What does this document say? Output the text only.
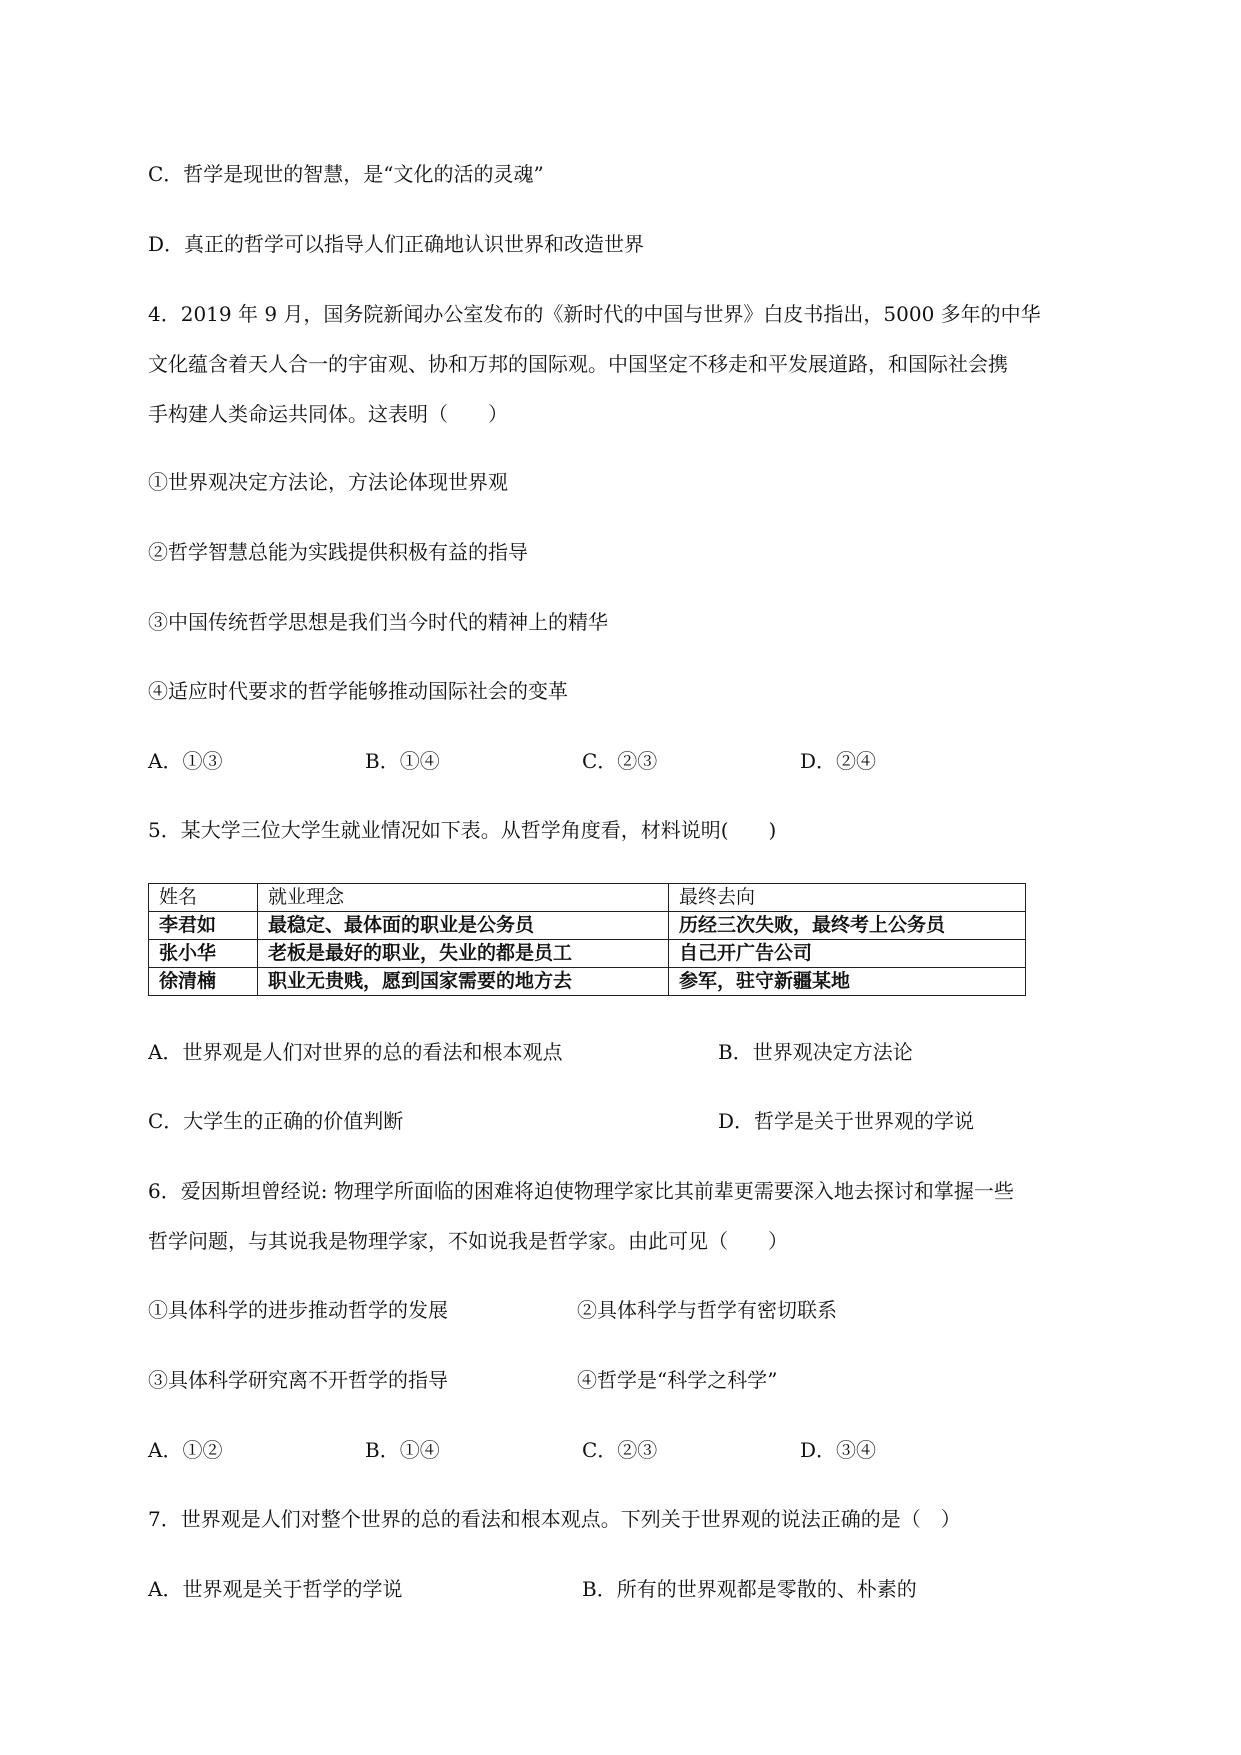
C．哲学是现世的智慧，是“文化的活的灵魂”
D．真正的哲学可以指导人们正确地认识世界和改造世界
4．2019 年 9 月，国务院新闻办公室发布的《新时代的中国与世界》白皮书指出，5000 多年的中华
文化蕴含着天人合一的宇宙观、协和万邦的国际观。中国坚定不移走和平发展道路，和国际社会携
手构建人类命运共同体。这表明（　　）
①世界观决定方法论，方法论体现世界观
②哲学智慧总能为实践提供积极有益的指导
③中国传统哲学思想是我们当今时代的精神上的精华
④适应时代要求的哲学能够推动国际社会的变革
A．①③	B．①④	C．②③	D．②④
5．某大学三位大学生就业情况如下表。从哲学角度看，材料说明(　　)
姓名	就业理念	最终去向
李君如	最稳定、最体面的职业是公务员	历经三次失败，最终考上公务员
张小华	老板是最好的职业，失业的都是员工	自己开广告公司
徐清楠	职业无贵贱，愿到国家需要的地方去	参军，驻守新疆某地
A．世界观是人们对世界的总的看法和根本观点	B．世界观决定方法论
C．大学生的正确的价值判断	D．哲学是关于世界观的学说
6．爱因斯坦曾经说: 物理学所面临的困难将迫使物理学家比其前辈更需要深入地去探讨和掌握一些
哲学问题，与其说我是物理学家，不如说我是哲学家。由此可见（　　）
①具体科学的进步推动哲学的发展	②具体科学与哲学有密切联系
③具体科学研究离不开哲学的指导	④哲学是“科学之科学”
A．①②	B．①④	C．②③	D．③④
7．世界观是人们对整个世界的总的看法和根本观点。下列关于世界观的说法正确的是（　）
A．世界观是关于哲学的学说	B．所有的世界观都是零散的、朴素的
